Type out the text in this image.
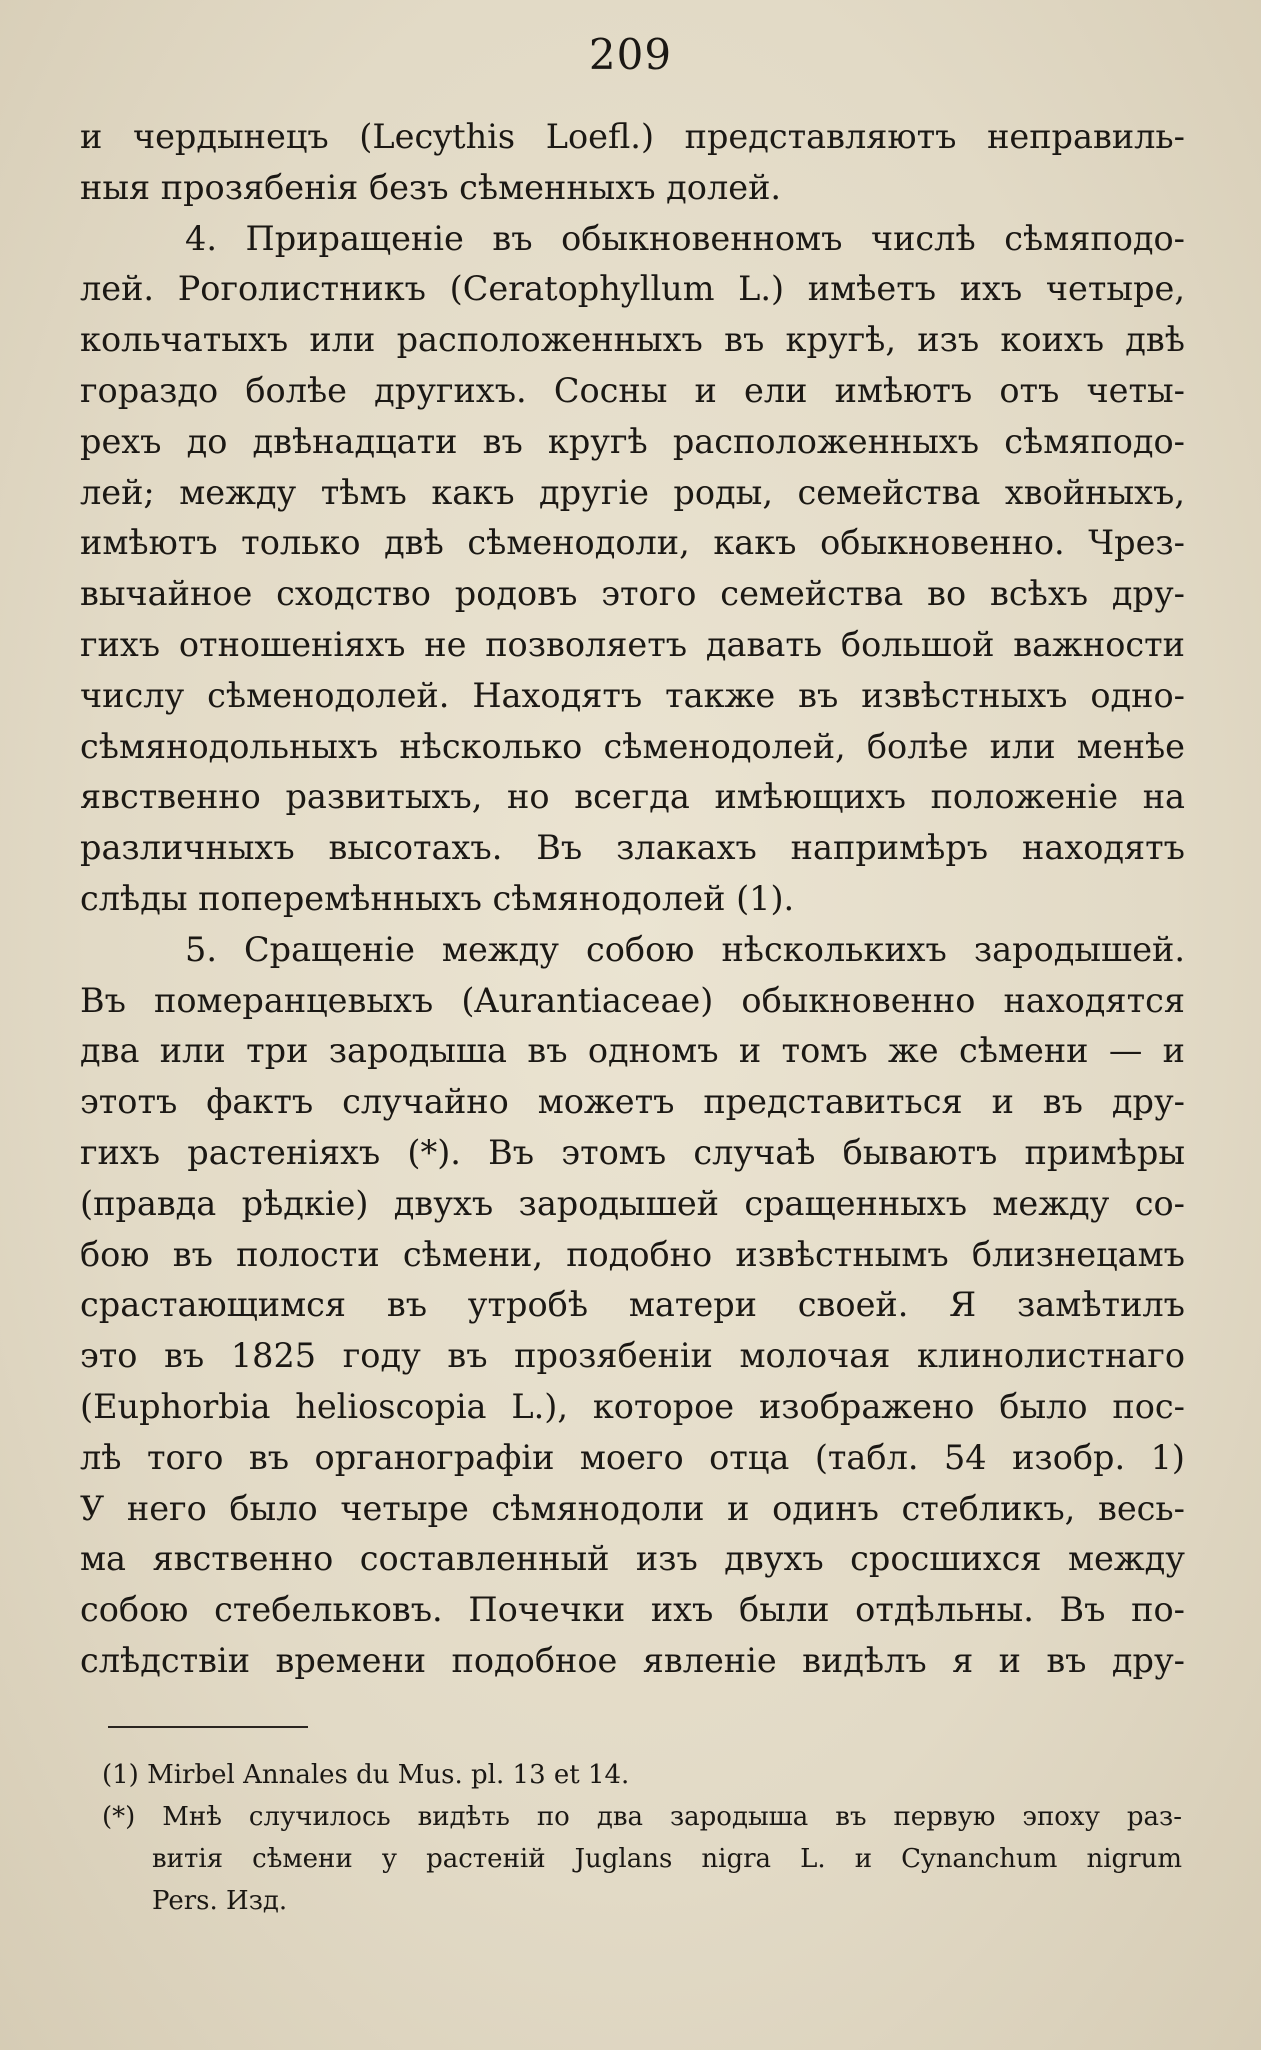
209
и чердынецъ (Lecythis Loefl.) представляютъ неправиль-
ныя прозябенія безъ сѣменныхъ долей.
4. Приращеніе въ обыкновенномъ числѣ сѣмяподо-
лей. Роголистникъ (Ceratophyllum L.) имѣетъ ихъ четыре,
кольчатыхъ или расположенныхъ въ кругѣ, изъ коихъ двѣ
гораздо болѣе другихъ. Сосны и ели имѣютъ отъ четы-
рехъ до двѣнадцати въ кругѣ расположенныхъ сѣмяподо-
лей; между тѣмъ какъ другіе роды, семейства хвойныхъ,
имѣютъ только двѣ сѣменодоли, какъ обыкновенно. Чрез-
вычайное сходство родовъ этого семейства во всѣхъ дру-
гихъ отношеніяхъ не позволяетъ давать большой важности
числу сѣменодолей. Находятъ также въ извѣстныхъ одно-
сѣмянодольныхъ нѣсколько сѣменодолей, болѣе или менѣе
явственно развитыхъ, но всегда имѣющихъ положеніе на
различныхъ высотахъ. Въ злакахъ напримѣръ находятъ
слѣды поперемѣнныхъ сѣмянодолей (1).
5. Сращеніе между собою нѣсколькихъ зародышей.
Въ померанцевыхъ (Aurantiaceae) обыкновенно находятся
два или три зародыша въ одномъ и томъ же сѣмени — и
этотъ фактъ случайно можетъ представиться и въ дру-
гихъ растеніяхъ (*). Въ этомъ случаѣ бываютъ примѣры
(правда рѣдкіе) двухъ зародышей сращенныхъ между со-
бою въ полости сѣмени, подобно извѣстнымъ близнецамъ
срастающимся въ утробѣ матери своей. Я замѣтилъ
это въ 1825 году въ прозябеніи молочая клинолистнаго
(Euphorbia helioscopia L.), которое изображено было пос-
лѣ того въ органографіи моего отца (табл. 54 изобр. 1)
У него было четыре сѣмянодоли и одинъ стебликъ, весь-
ма явственно составленный изъ двухъ сросшихся между
собою стебельковъ. Почечки ихъ были отдѣльны. Въ по-
слѣдствіи времени подобное явленіе видѣлъ я и въ дру-
(1) Mirbel Annales du Mus. pl. 13 et 14.
(*) Мнѣ случилось видѣть по два зародыша въ первую эпоху раз-
витія сѣмени у растеній Juglans nigra L. и Cynanchum nigrum
Pers. Изд.
